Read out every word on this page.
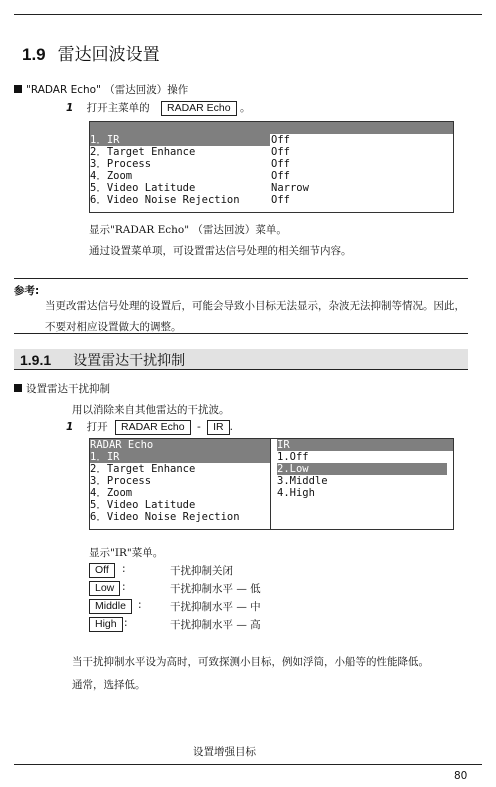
1.9 雷达回波设置
"RADAR Echo" （雷达回波）操作
1 打开主菜单的 RADAR Echo 。

▲▼

1．IR	Off
2．Target Enhance	Off
3．Process	Off
4．Zoom	Off
5．Video Latitude	Narrow
6．Video Noise Rejection	Off
显示"RADAR Echo" （雷达回波）菜单。
通过设置菜单项，可设置雷达信号处理的相关细节内容。
参考:
当更改雷达信号处理的设置后，可能会导致小目标无法显示，杂波无法抑制等情况。因此，
不要对相应设置做大的调整。
1.9.1 设置雷达干扰抑制
设置雷达干扰抑制
用以消除来自其他雷达的干扰波。
1 打开 RADAR Echo - IR .
RADAR Echo
1．IR
2．Target Enhance
3．Process
4．Zoom
5．Video Latitude
6．Video Noise Rejection
IR
1.Off
2.Low
3.Middle
4.High
显示"IR"菜单。
Off	:	干扰抑制关闭
Low :	干扰抑制水平 — 低
Middle	:	干扰抑制水平 — 中
High :	干扰抑制水平 — 高
当干扰抑制水平设为高时，可致探测小目标，例如浮筒，小船等的性能降低。
通常，选择低。
设置增强目标
80
